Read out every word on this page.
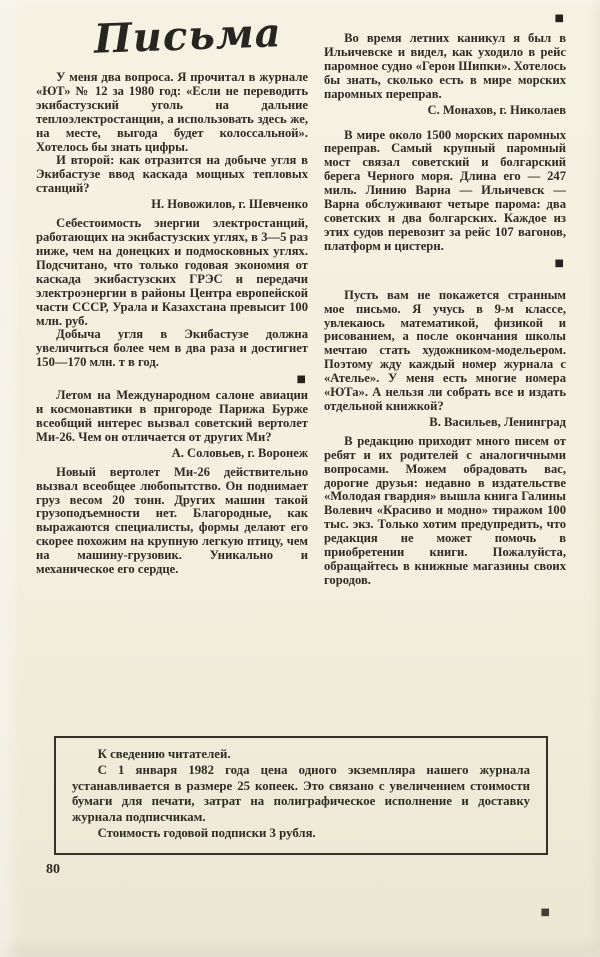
Письма

У меня два вопроса. Я прочитал в журнале «ЮТ» № 12 за 1980 год: «Если не переводить экибастузский уголь на дальние теплоэлектростанции, а использовать здесь же, на месте, выгода будет колоссальной». Хотелось бы знать цифры.

И второй: как отразится на добыче угля в Экибастузе ввод каскада мощных тепловых станций?

Н. Новожилов, г. Шевченко

Себестоимость энергии электростанций, работающих на экибастузских углях, в 3—5 раз ниже, чем на донецких и подмосковных углях. Подсчитано, что только годовая экономия от каскада экибастузских ГРЭС и передачи электроэнергии в районы Центра европейской части СССР, Урала и Казахстана превысит 100 млн. руб.

Добыча угля в Экибастузе должна увеличиться более чем в два раза и достигнет 150—170 млн. т в год.

■

Летом на Международном салоне авиации и космонавтики в пригороде Парижа Бурже всеобщий интерес вызвал советский вертолет Ми-26. Чем он отличается от других Ми?

А. Соловьев, г. Воронеж

Новый вертолет Ми-26 действительно вызвал всеобщее любопытство. Он поднимает груз весом 20 тонн. Других машин такой грузоподъемности нет. Благородные, как выражаются специалисты, формы делают его скорее похожим на крупную легкую птицу, чем на машину-грузовик. Уникально и механическое его сердце.

■

Во время летних каникул я был в Ильичевске и видел, как уходило в рейс паромное судно «Герои Шипки». Хотелось бы знать, сколько есть в мире морских паромных переправ.

С. Монахов, г. Николаев

В мире около 1500 морских паромных переправ. Самый крупный паромный мост связал советский и болгарский берега Черного моря. Длина его — 247 миль. Линию Варна — Ильичевск — Варна обслуживают четыре парома: два советских и два болгарских. Каждое из этих судов перевозит за рейс 107 вагонов, платформ и цистерн.

■

Пусть вам не покажется странным мое письмо. Я учусь в 9-м классе, увлекаюсь математикой, физикой и рисованием, а после окончания школы мечтаю стать художником-модельером. Поэтому жду каждый номер журнала с «Ателье». У меня есть многие номера «ЮТа». А нельзя ли собрать все и издать отдельной книжкой?

В. Васильев, Ленинград

В редакцию приходит много писем от ребят и их родителей с аналогичными вопросами. Можем обрадовать вас, дорогие друзья: недавно в издательстве «Молодая гвардия» вышла книга Галины Волевич «Красиво и модно» тиражом 100 тыс. экз. Только хотим предупредить, что редакция не может помочь в приобретении книги. Пожалуйста, обращайтесь в книжные магазины своих городов.

К сведению читателей.

С 1 января 1982 года цена одного экземпляра нашего журнала устанавливается в размере 25 копеек. Это связано с увеличением стоимости бумаги для печати, затрат на полиграфическое исполнение и доставку журнала подписчикам.

Стоимость годовой подписки 3 рубля.

80
■
